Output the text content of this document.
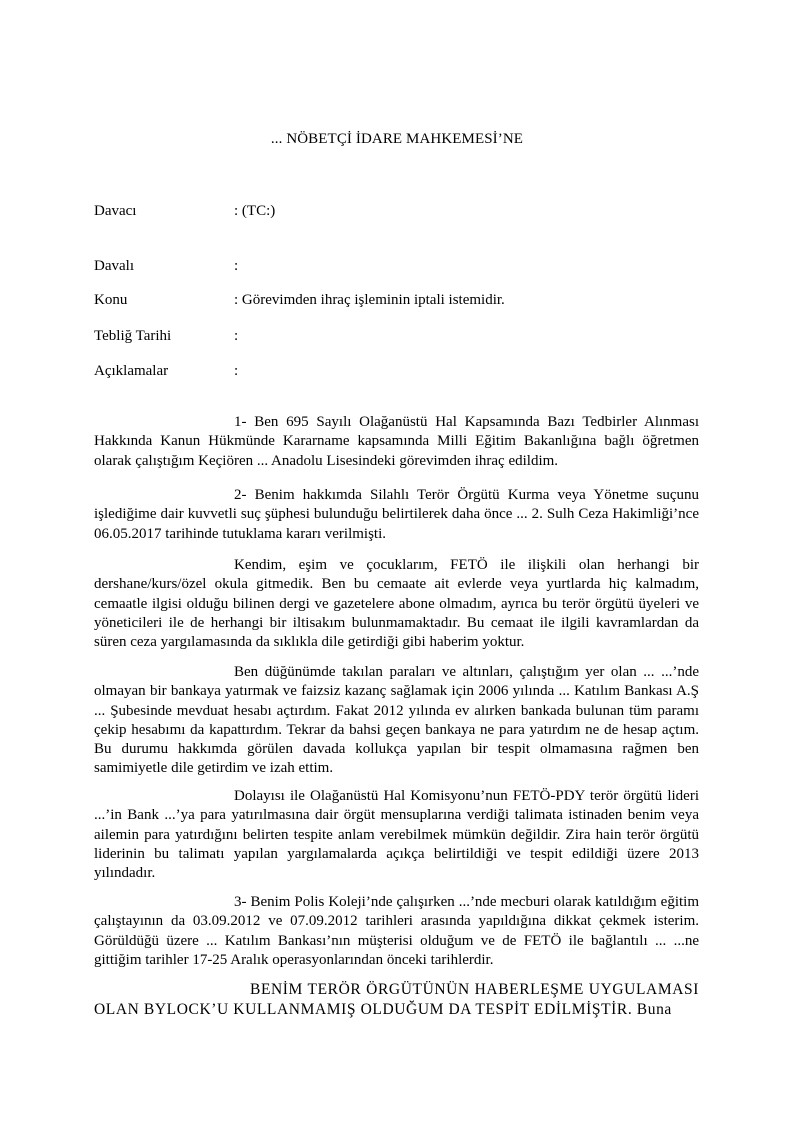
... NÖBETÇİ İDARE MAHKEMESİ’NE
Davacı	: (TC:)
Davalı	:
Konu	: Görevimden ihraç işleminin iptali istemidir.
Tebliğ Tarihi	:
Açıklamalar	:
1- Ben 695 Sayılı Olağanüstü Hal Kapsamında Bazı Tedbirler Alınması Hakkında Kanun Hükmünde Kararname kapsamında Milli Eğitim Bakanlığına bağlı öğretmen olarak çalıştığım Keçiören ... Anadolu Lisesindeki görevimden ihraç edildim.
2- Benim hakkımda Silahlı Terör Örgütü Kurma veya Yönetme suçunu işlediğime dair kuvvetli suç şüphesi bulunduğu belirtilerek daha önce ... 2. Sulh Ceza Hakimliği’nce 06.05.2017 tarihinde tutuklama kararı verilmişti.
Kendim, eşim ve çocuklarım, FETÖ ile ilişkili olan herhangi bir dershane/kurs/özel okula gitmedik. Ben bu cemaate ait evlerde veya yurtlarda hiç kalmadım, cemaatle ilgisi olduğu bilinen dergi ve gazetelere abone olmadım, ayrıca bu terör örgütü üyeleri ve yöneticileri ile de herhangi bir iltisakım bulunmamaktadır. Bu cemaat ile ilgili kavramlardan da süren ceza yargılamasında da sıklıkla dile getirdiği gibi haberim yoktur.
Ben düğünümde takılan paraları ve altınları, çalıştığım yer olan ... ...’nde olmayan bir bankaya yatırmak ve faizsiz kazanç sağlamak için 2006 yılında ... Katılım Bankası A.Ş ... Şubesinde mevduat hesabı açtırdım. Fakat 2012 yılında ev alırken bankada bulunan tüm paramı çekip hesabımı da kapattırdım. Tekrar da bahsi geçen bankaya ne para yatırdım ne de hesap açtım. Bu durumu hakkımda görülen davada kollukça yapılan bir tespit olmamasına rağmen ben samimiyetle dile getirdim ve izah ettim.
Dolayısı ile Olağanüstü Hal Komisyonu’nun FETÖ-PDY terör örgütü lideri ...’in Bank ...’ya para yatırılmasına dair örgüt mensuplarına verdiği talimata istinaden benim veya ailemin para yatırdığını belirten tespite anlam verebilmek mümkün değildir. Zira hain terör örgütü liderinin bu talimatı yapılan yargılamalarda açıkça belirtildiği ve tespit edildiği üzere 2013 yılındadır.
3- Benim Polis Koleji’nde çalışırken ...’nde mecburi olarak katıldığım eğitim çalıştayının da 03.09.2012 ve 07.09.2012 tarihleri arasında yapıldığına dikkat çekmek isterim. Görüldüğü üzere ... Katılım Bankası’nın müşterisi olduğum ve de FETÖ ile bağlantılı ... ...ne gittiğim tarihler 17-25 Aralık operasyonlarından önceki tarihlerdir.
BENİM TERÖR ÖRGÜTÜNÜN HABERLEŞME UYGULAMASI OLAN BYLOCK’U KULLANMAMIŞ OLDUĞUM DA TESPİT EDİLMİŞTİR. Buna
